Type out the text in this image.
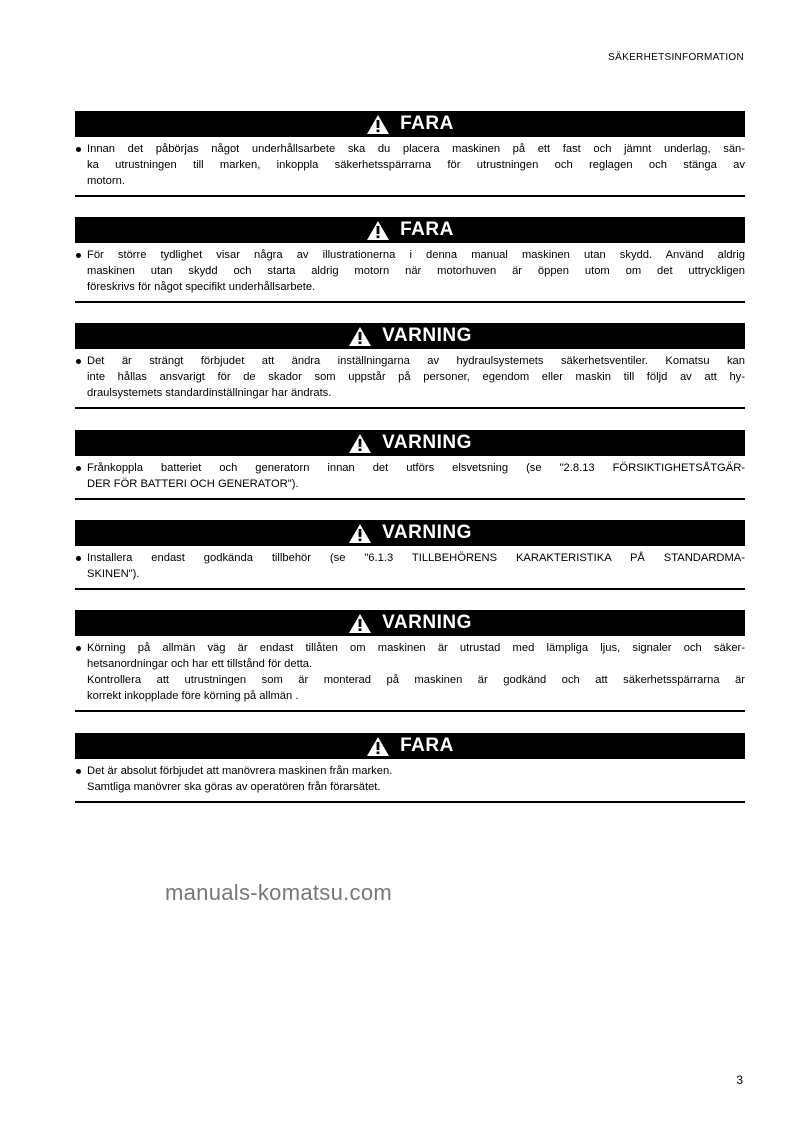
SÄKERHETSINFORMATION
FARA
Innan det påbörjas något underhållsarbete ska du placera maskinen på ett fast och jämnt underlag, sän-
ka utrustningen till marken, inkoppla säkerhetsspärrarna för utrustningen och reglagen och stänga av
motorn.
FARA
För större tydlighet visar några av illustrationerna i denna manual maskinen utan skydd. Använd aldrig
maskinen utan skydd och starta aldrig motorn när motorhuven är öppen utom om det uttryckligen
föreskrivs för något specifikt underhållsarbete.
VARNING
Det är strängt förbjudet att ändra inställningarna av hydraulsystemets säkerhetsventiler. Komatsu kan
inte hållas ansvarigt för de skador som uppstår på personer, egendom eller maskin till följd av att hy-
draulsystemets standardinställningar har ändrats.
VARNING
Frånkoppla batteriet och generatorn innan det utförs elsvetsning (se "2.8.13 FÖRSIKTIGHETSÅTGÄR-
DER FÖR BATTERI OCH GENERATOR").
VARNING
Installera endast godkända tillbehör (se "6.1.3 TILLBEHÖRENS KARAKTERISTIKA PÅ STANDARDMA-
SKINEN").
VARNING
Körning på allmän väg är endast tillåten om maskinen är utrustad med lämpliga ljus, signaler och säker-
hetsanordningar och har ett tillstånd för detta.
Kontrollera att utrustningen som är monterad på maskinen är godkänd och att säkerhetsspärrarna är
korrekt inkopplade före körning på allmän .
FARA
Det är absolut förbjudet att manövrera maskinen från marken.
Samtliga manövrer ska göras av operatören från förarsätet.
manuals-komatsu.com
3
